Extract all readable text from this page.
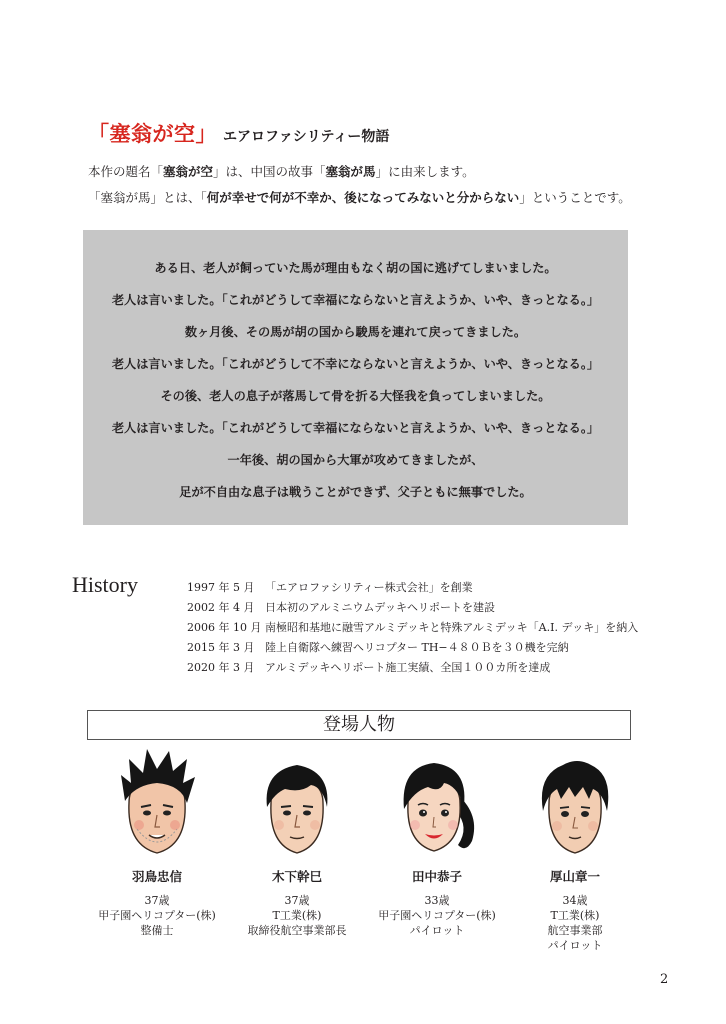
「塞翁が空」 エアロファシリティー物語
本作の題名「塞翁が空」は、中国の故事「塞翁が馬」に由来します。
「塞翁が馬」とは、「何が幸せで何が不幸か、後になってみないと分からない」ということです。
ある日、老人が飼っていた馬が理由もなく胡の国に逃げてしまいました。
老人は言いました。「これがどうして幸福にならないと言えようか、いや、きっとなる。」
数ヶ月後、その馬が胡の国から駿馬を連れて戻ってきました。
老人は言いました。「これがどうして不幸にならないと言えようか、いや、きっとなる。」
その後、老人の息子が落馬して骨を折る大怪我を負ってしまいました。
老人は言いました。「これがどうして幸福にならないと言えようか、いや、きっとなる。」
一年後、胡の国から大軍が攻めてきましたが、
足が不自由な息子は戦うことができず、父子ともに無事でした。
History	1997 年 5 月 「エアロファシリティー株式会社」を創業
2002 年 4 月 日本初のアルミニウムデッキヘリポートを建設
2006 年 10 月 南極昭和基地に融雪アルミデッキと特殊アルミデッキ「A.I. デッキ」を納入
2015 年 3 月 陸上自衛隊へ練習ヘリコプター TH−４８０Ｂを３０機を完納
2020 年 3 月 アルミデッキヘリポート施工実績、全国１００カ所を達成
登場人物
羽鳥忠信
37歳
甲子園ヘリコプター(株)
整備士
木下幹巳
37歳
T工業(株)
取締役航空事業部長
田中恭子
33歳
甲子園ヘリコプター(株)
パイロット
厚山章一
34歳
T工業(株)
航空事業部
パイロット
2
